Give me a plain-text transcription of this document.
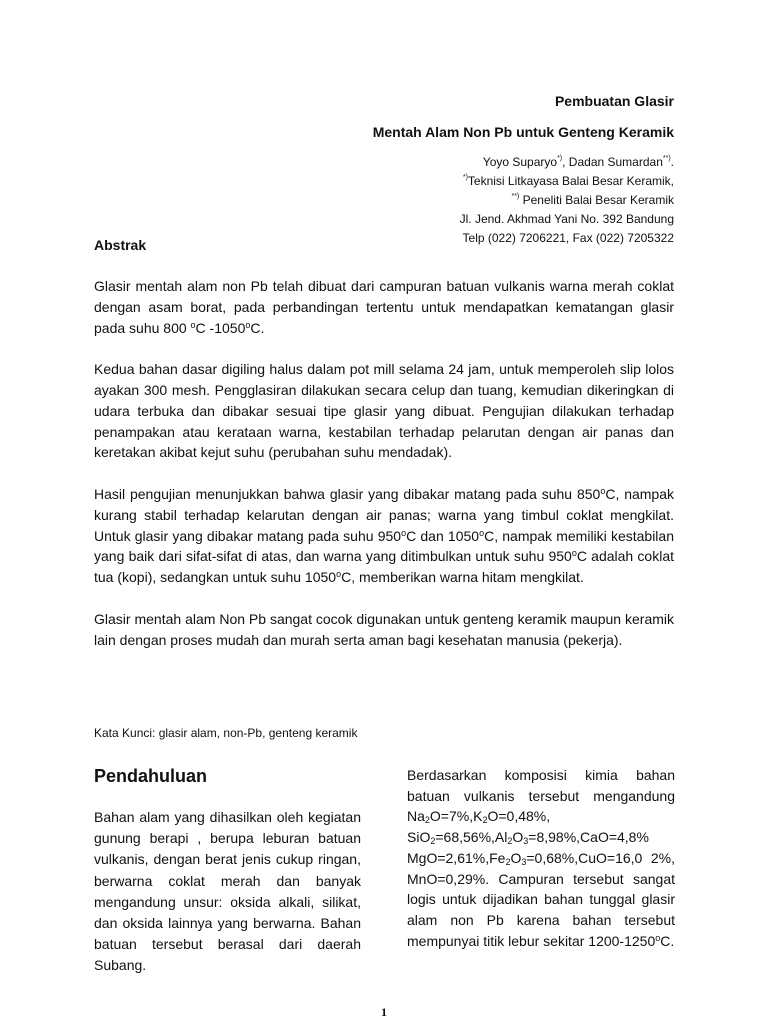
Pembuatan Glasir
Mentah Alam Non Pb untuk Genteng Keramik
Yoyo Suparyo*), Dadan Sumardan**).
*)Teknisi Litkayasa Balai Besar Keramik,
**) Peneliti Balai Besar Keramik
Jl. Jend. Akhmad Yani No. 392 Bandung
Telp (022) 7206221, Fax (022) 7205322
Abstrak

Glasir mentah alam non Pb telah dibuat dari campuran batuan vulkanis warna merah coklat dengan asam borat, pada perbandingan tertentu untuk mendapatkan kematangan glasir pada suhu 800 $^o$C -1050$^o$C.

Kedua bahan dasar digiling halus dalam pot mill selama 24 jam, untuk memperoleh slip lolos ayakan 300 mesh. Pengglasiran dilakukan secara celup dan tuang, kemudian dikeringkan di udara terbuka dan dibakar sesuai tipe glasir yang dibuat. Pengujian dilakukan terhadap penampakan atau kerataan warna, kestabilan terhadap pelarutan dengan air panas dan keretakan akibat kejut suhu (perubahan suhu mendadak).

Hasil pengujian menunjukkan bahwa glasir yang dibakar matang pada suhu 850$^o$C, nampak kurang stabil terhadap kelarutan dengan air panas; warna yang timbul coklat mengkilat. Untuk glasir yang dibakar matang pada suhu 950$^o$C dan 1050$^o$C, nampak memiliki kestabilan yang baik dari sifat-sifat di atas, dan warna yang ditimbulkan untuk suhu 950$^o$C adalah coklat tua (kopi), sedangkan untuk suhu 1050$^o$C, memberikan warna hitam mengkilat.

Glasir mentah alam Non Pb sangat cocok digunakan untuk genteng keramik maupun keramik lain dengan proses mudah dan murah serta aman bagi kesehatan manusia (pekerja).

Kata Kunci: glasir alam, non-Pb, genteng keramik
Pendahuluan

Bahan alam yang dihasilkan oleh kegiatan gunung berapi , berupa leburan batuan vulkanis, dengan berat jenis cukup ringan, berwarna coklat merah dan banyak mengandung unsur: oksida alkali, silikat, dan oksida lainnya yang berwarna. Bahan batuan tersebut berasal dari daerah Subang.

Berdasarkan komposisi kimia bahan batuan vulkanis tersebut mengandung $Na_2O=7\%,K_2O=0,48\%$, $SiO_2=68,56\%,Al_2O_3=8,98\%,CaO=4,8\%$ $MgO=2,61\%,Fe_2O_3=0,68\%,CuO=16,0$ 2%, MnO=0,29%. Campuran tersebut sangat logis untuk dijadikan bahan tunggal glasir alam non Pb karena bahan tersebut mempunyai titik lebur sekitar 1200-1250$^o$C.

1
